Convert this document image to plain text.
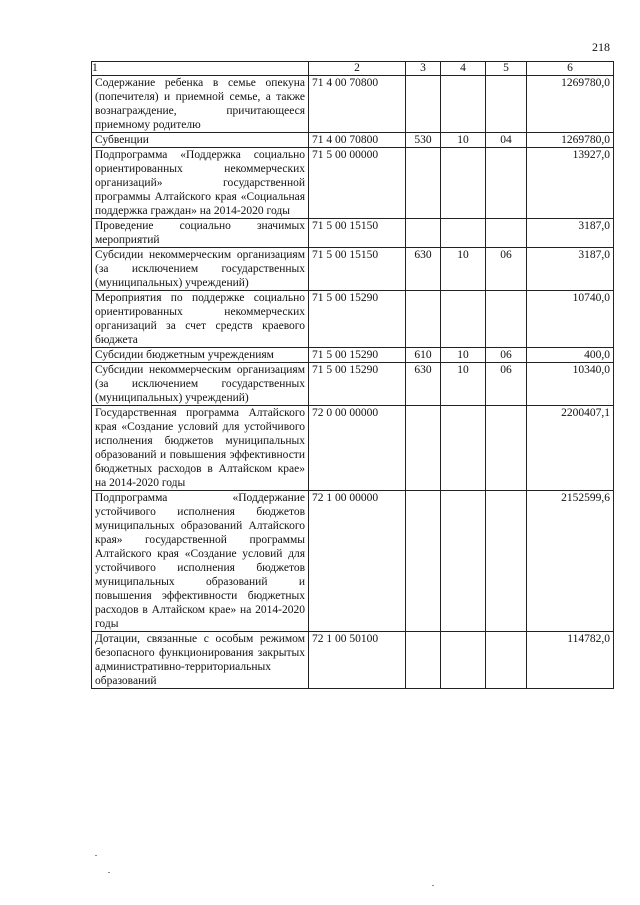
218
1	2	3	4	5	6
Содержание ребенка в семье опекуна (попечителя) и приемной семье, а также вознаграждение, причитающееся приемному родителю	71 4 00 70800				1269780,0
Субвенции	71 4 00 70800	530	10	04	1269780,0
Подпрограмма «Поддержка социально ориентированных некоммерческих организаций» государственной программы Алтайского края «Социальная поддержка граждан» на 2014-2020 годы	71 5 00 00000				13927,0
Проведение социально значимых мероприятий	71 5 00 15150				3187,0
Субсидии некоммерческим организациям (за исключением государственных (муниципальных) учреждений)	71 5 00 15150	630	10	06	3187,0
Мероприятия по поддержке социально ориентированных некоммерческих организаций за счет средств краевого бюджета	71 5 00 15290				10740,0
Субсидии бюджетным учреждениям	71 5 00 15290	610	10	06	400,0
Субсидии некоммерческим организациям (за исключением государственных (муниципальных) учреждений)	71 5 00 15290	630	10	06	10340,0
Государственная программа Алтайского края «Создание условий для устойчивого исполнения бюджетов муниципальных образований и повышения эффективности бюджетных расходов в Алтайском крае» на 2014-2020 годы	72 0 00 00000				2200407,1
Подпрограмма «Поддержание устойчивого исполнения бюджетов муниципальных образований Алтайского края» государственной программы Алтайского края «Создание условий для устойчивого исполнения бюджетов муниципальных образований и повышения эффективности бюджетных расходов в Алтайском крае» на 2014-2020 годы	72 1 00 00000				2152599,6
Дотации, связанные с особым режимом безопасного функционирования закрытых административно-территориальных образований	72 1 00 50100				114782,0
